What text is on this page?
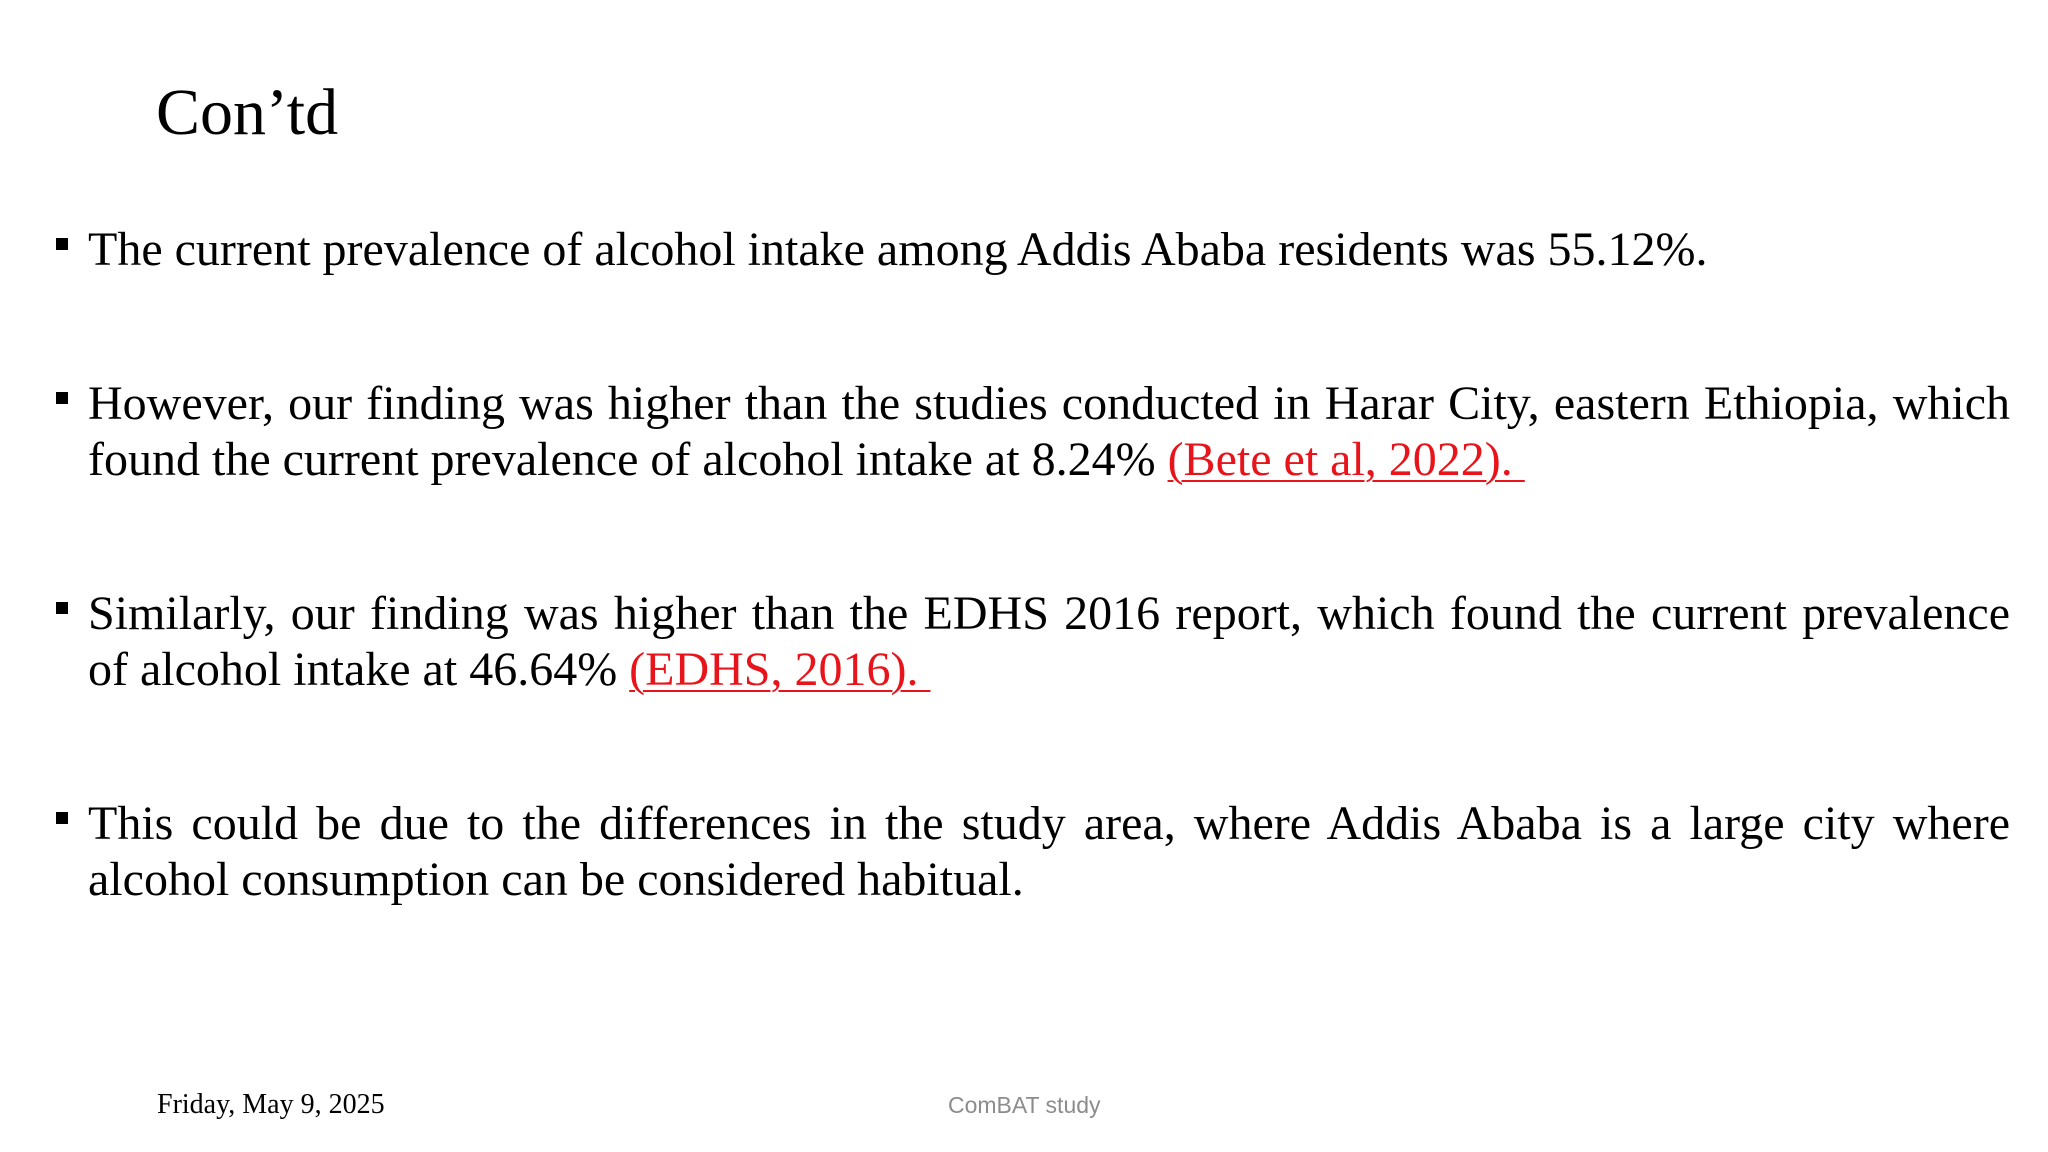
Con’td
The current prevalence of alcohol intake among Addis Ababa residents was 55.12%.
However, our finding was higher than the studies conducted in Harar City, eastern Ethiopia, which found the current prevalence of alcohol intake at 8.24% (Bete et al, 2022).
Similarly, our finding was higher than the EDHS 2016 report, which found the current prevalence of alcohol intake at 46.64% (EDHS, 2016).
This could be due to the differences in the study area, where Addis Ababa is a large city where alcohol consumption can be considered habitual.
Friday, May 9, 2025	ComBAT study
